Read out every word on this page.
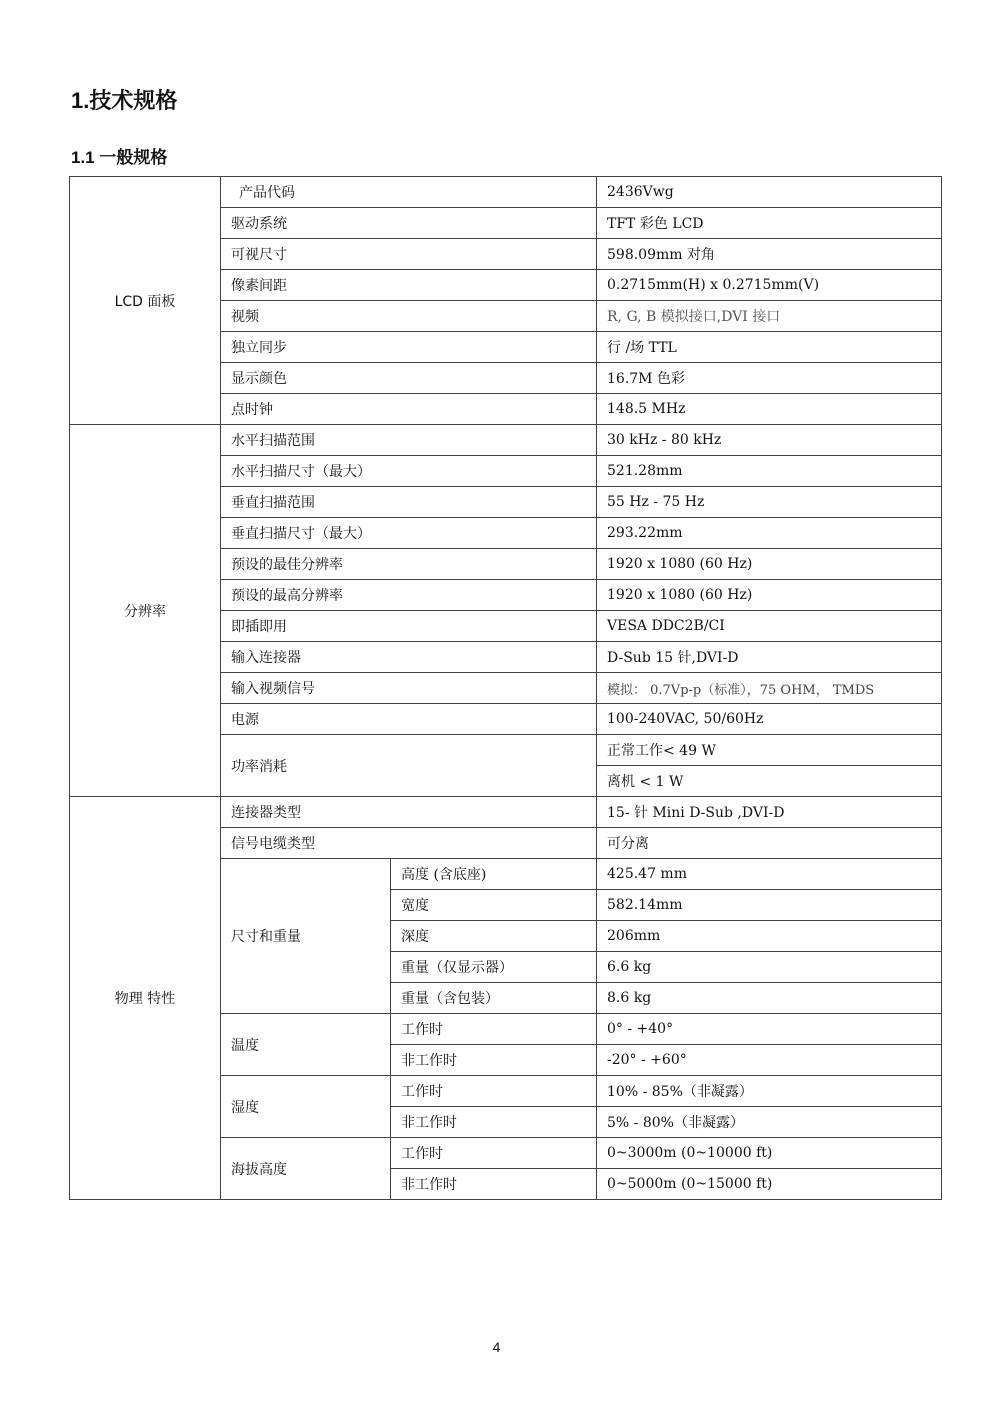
1.技术规格
1.1 一般规格
LCD 面板	产品代码		2436Vwg
	驱动系统		TFT 彩色 LCD
	可视尺寸		598.09mm 对角
	像素间距		0.2715mm(H) x 0.2715mm(V)
	视频		R, G, B 模拟接口,DVI 接口
	独立同步		行 /场 TTL
	显示颜色		16.7M 色彩
	点时钟		148.5 MHz
分辨率	水平扫描范围		30 kHz - 80 kHz
	水平扫描尺寸（最大）		521.28mm
	垂直扫描范围		55 Hz - 75 Hz
	垂直扫描尺寸（最大）		293.22mm
	预设的最佳分辨率		1920 x 1080 (60 Hz)
	预设的最高分辨率		1920 x 1080 (60 Hz)
	即插即用		VESA DDC2B/CI
	输入连接器		D-Sub 15 针,DVI-D
	输入视频信号		模拟： 0.7Vp-p（标准），75 OHM， TMDS
	电源		100-240VAC, 50/60Hz
	功率消耗		正常工作< 49 W
			离机 < 1 W
物理 特性	连接器类型		15- 针 Mini D-Sub ,DVI-D
	信号电缆类型		可分离
	尺寸和重量	高度 (含底座)	425.47 mm
		宽度	582.14mm
		深度	206mm
		重量（仅显示器）	6.6 kg
		重量（含包装）	8.6 kg
	温度	工作时	0° - +40°
		非工作时	-20° - +60°
	湿度	工作时	10% - 85%（非凝露）
		非工作时	5% - 80%（非凝露）
	海拔高度	工作时	0~3000m (0~10000 ft)
		非工作时	0~5000m (0~15000 ft)
4
